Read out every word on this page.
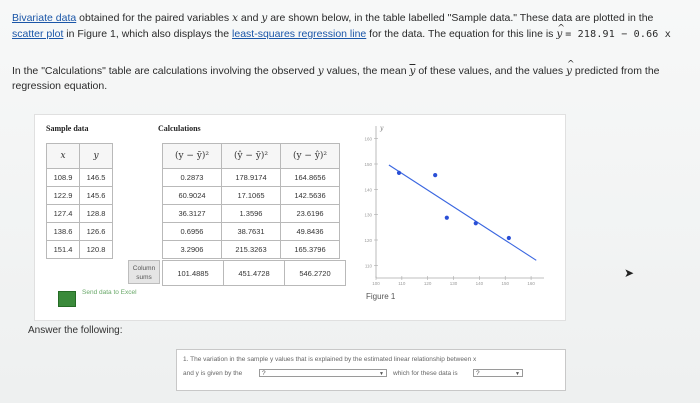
Bivariate data obtained for the paired variables x and y are shown below, in the table labelled "Sample data." These data are plotted in the
scatter plot in Figure 1, which also displays the least-squares regression line for the data. The equation for this line is ^ y = 218.91 − 0.66 x
In the "Calculations" table are calculations involving the observed y values, the mean $\overline{y}$ of these values, and the values ^ y predicted from the regression equation.
Sample data	Calculations
x	y
108.9	146.5
122.9	145.6
127.4	128.8
138.6	126.6
151.4	120.8
(y − ȳ)²	(ŷ − ȳ)²	(y − ŷ)²
0.2873	178.9174	164.8656
60.9024	17.1065	142.5636
36.3127	1.3596	23.6196
0.6956	38.7631	49.8436
3.2906	215.3263	165.3796
Column sums	101.4885	451.4728	546.2720
y
160
150
140
130
120
110
100	110	120	130	140	150	160
Figure 1
➤
Send data to Excel
Answer the following:
1. The variation in the sample y values that is explained by the estimated linear relationship between x
and y is given by the	?	▼ which for these data is	?	▼
